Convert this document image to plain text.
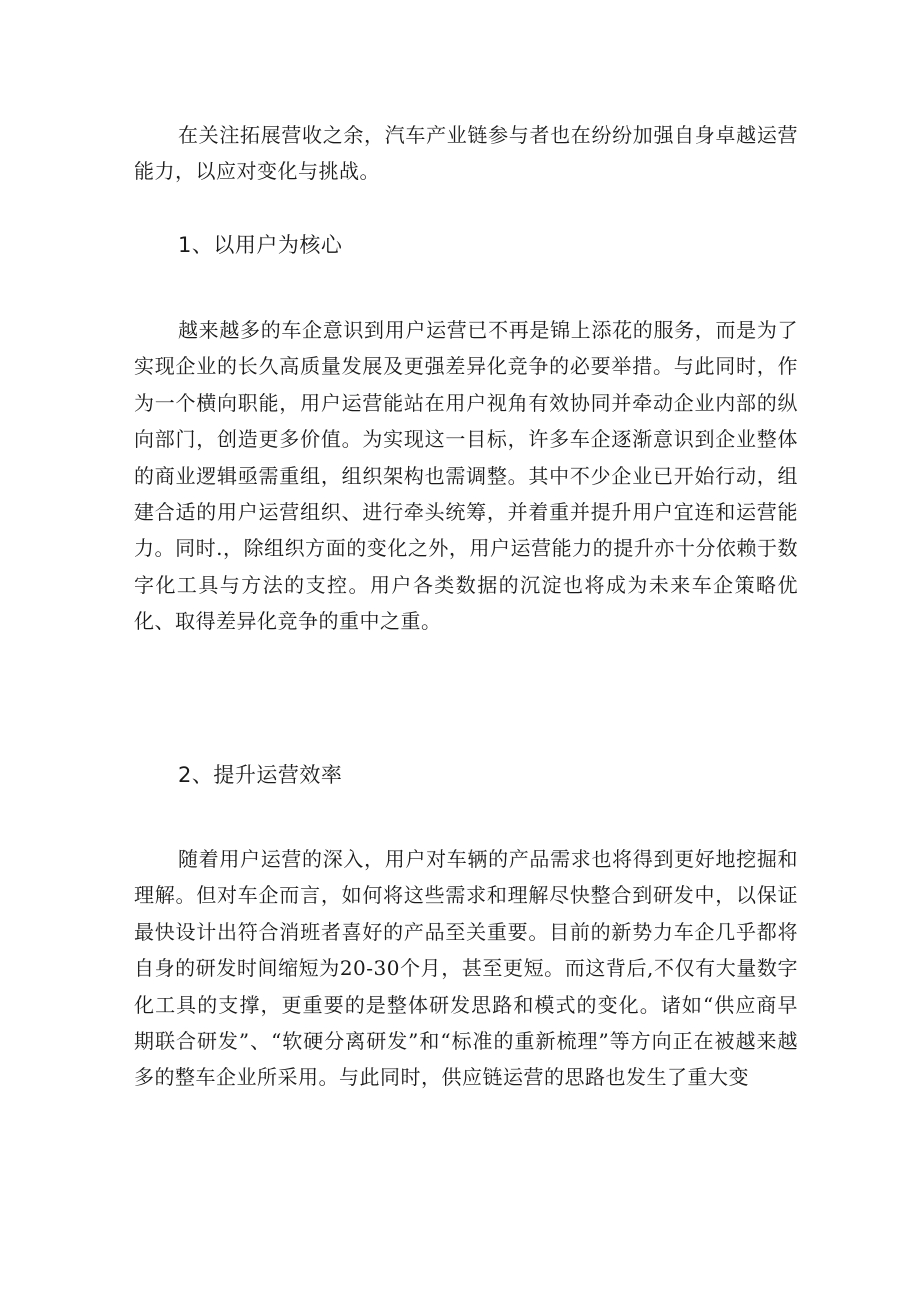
在关注拓展营收之余，汽车产业链参与者也在纷纷加强自身卓越运营能力，以应对变化与挑战。

1、以用户为核心

越来越多的车企意识到用户运营已不再是锦上添花的服务，而是为了实现企业的长久高质量发展及更强差异化竞争的必要举措。与此同时，作为一个横向职能，用户运营能站在用户视角有效协同并牵动企业内部的纵向部门，创造更多价值。为实现这一目标，许多车企逐渐意识到企业整体的商业逻辑亟需重组，组织架构也需调整。其中不少企业已开始行动，组建合适的用户运营组织、进行牵头统筹，并着重并提升用户宜连和运营能力。同时.，除组织方面的变化之外，用户运营能力的提升亦十分依赖于数字化工具与方法的支控。用户各类数据的沉淀也将成为未来车企策略优化、取得差异化竞争的重中之重。

2、提升运营效率

随着用户运营的深入，用户对车辆的产品需求也将得到更好地挖掘和理解。但对车企而言，如何将这些需求和理解尽快整合到研发中，以保证最快设计出符合消班者喜好的产品至关重要。目前的新势力车企几乎都将自身的研发时间缩短为20-30个月，甚至更短。而这背后,不仅有大量数字化工具的支撑，更重要的是整体研发思路和模式的变化。诸如“供应商早期联合研发”、“软硬分离研发”和“标准的重新梳理”等方向正在被越来越多的整车企业所采用。与此同时，供应链运营的思路也发生了重大变
